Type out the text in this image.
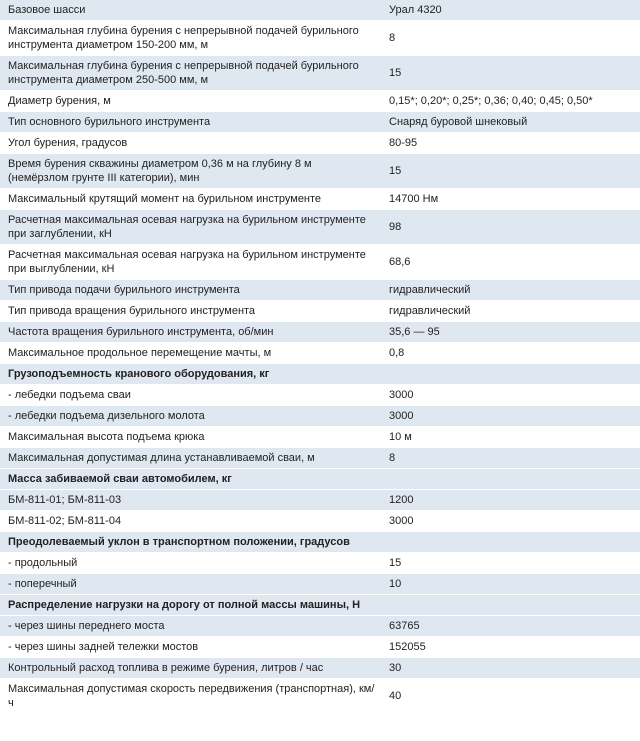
Базовое шасси	Урал 4320
Максимальная глубина бурения с непрерывной подачей бурильного инструмента диаметром 150-200 мм, м	8
Максимальная глубина бурения с непрерывной подачей бурильного инструмента диаметром 250-500 мм, м	15
Диаметр бурения, м	0,15*; 0,20*; 0,25*; 0,36; 0,40; 0,45; 0,50*
Тип основного бурильного инструмента	Снаряд буровой шнековый
Угол бурения, градусов	80-95
Время бурения скважины диаметром 0,36 м на глубину 8 м (немёрзлом грунте III категории), мин	15
Максимальный крутящий момент на бурильном инструменте	14700 Нм
Расчетная максимальная осевая нагрузка на бурильном инструменте при заглублении, кН	98
Расчетная максимальная осевая нагрузка на бурильном инструменте при выглублении, кН	68,6
Тип привода подачи бурильного инструмента	гидравлический
Тип привода вращения бурильного инструмента	гидравлический
Частота вращения бурильного инструмента, об/мин	35,6 — 95
Максимальное продольное перемещение мачты, м	0,8
Грузоподъемность кранового оборудования, кг	
- лебедки подъема сваи	3000
- лебедки подъема дизельного молота	3000
Максимальная высота подъема крюка	10 м
Максимальная допустимая длина устанавливаемой сваи, м	8
Масса забиваемой сваи автомобилем, кг	
БМ-811-01; БМ-811-03	1200
БМ-811-02; БМ-811-04	3000
Преодолеваемый уклон в транспортном положении, градусов	
- продольный	15
- поперечный	10
Распределение нагрузки на дорогу от полной массы машины, Н	
- через шины переднего моста	63765
- через шины задней тележки мостов	152055
Контрольный расход топлива в режиме бурения, литров / час	30
Максимальная допустимая скорость передвижения (транспортная), км/ч	40
